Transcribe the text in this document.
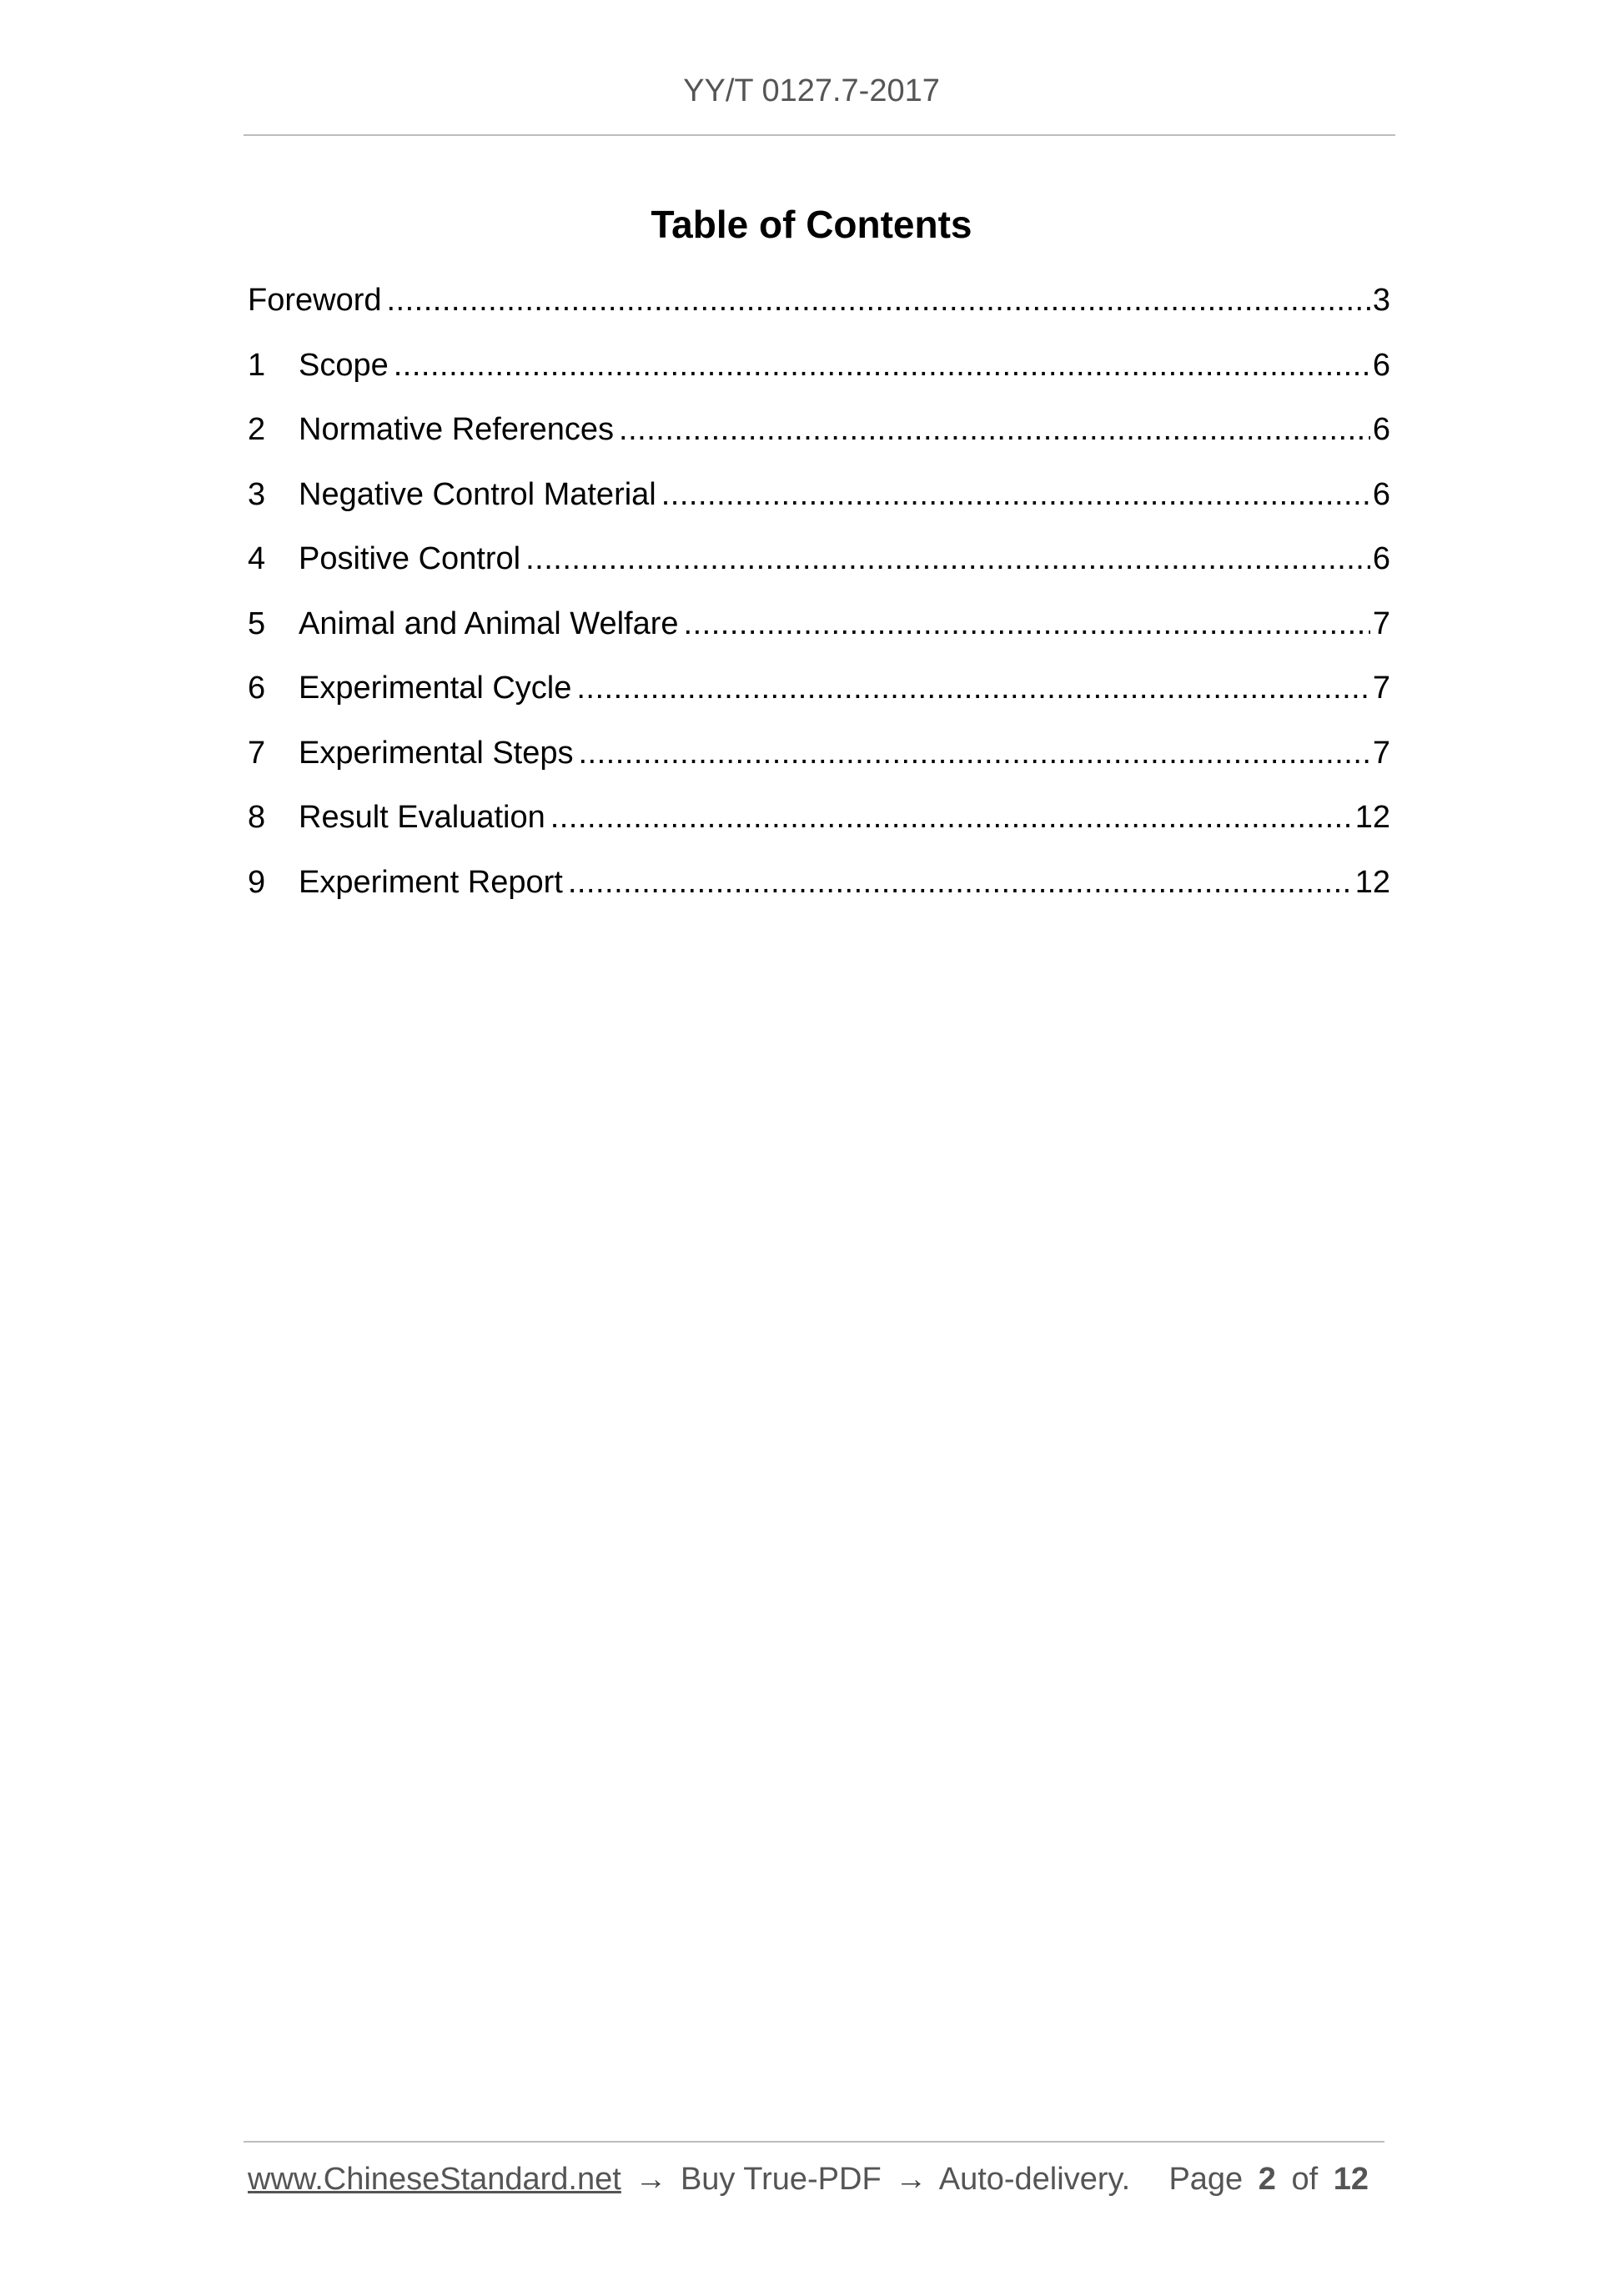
YY/T 0127.7-2017
Table of Contents
Foreword .....	3
1	Scope .....	6
2	Normative References .....	6
3	Negative Control Material .....	6
4	Positive Control .....	6
5	Animal and Animal Welfare .....	7
6	Experimental Cycle .....	7
7	Experimental Steps .....	7
8	Result Evaluation .....	12
9	Experiment Report .....	12
www.ChineseStandard.net → Buy True-PDF → Auto-delivery. Page 2 of 12
